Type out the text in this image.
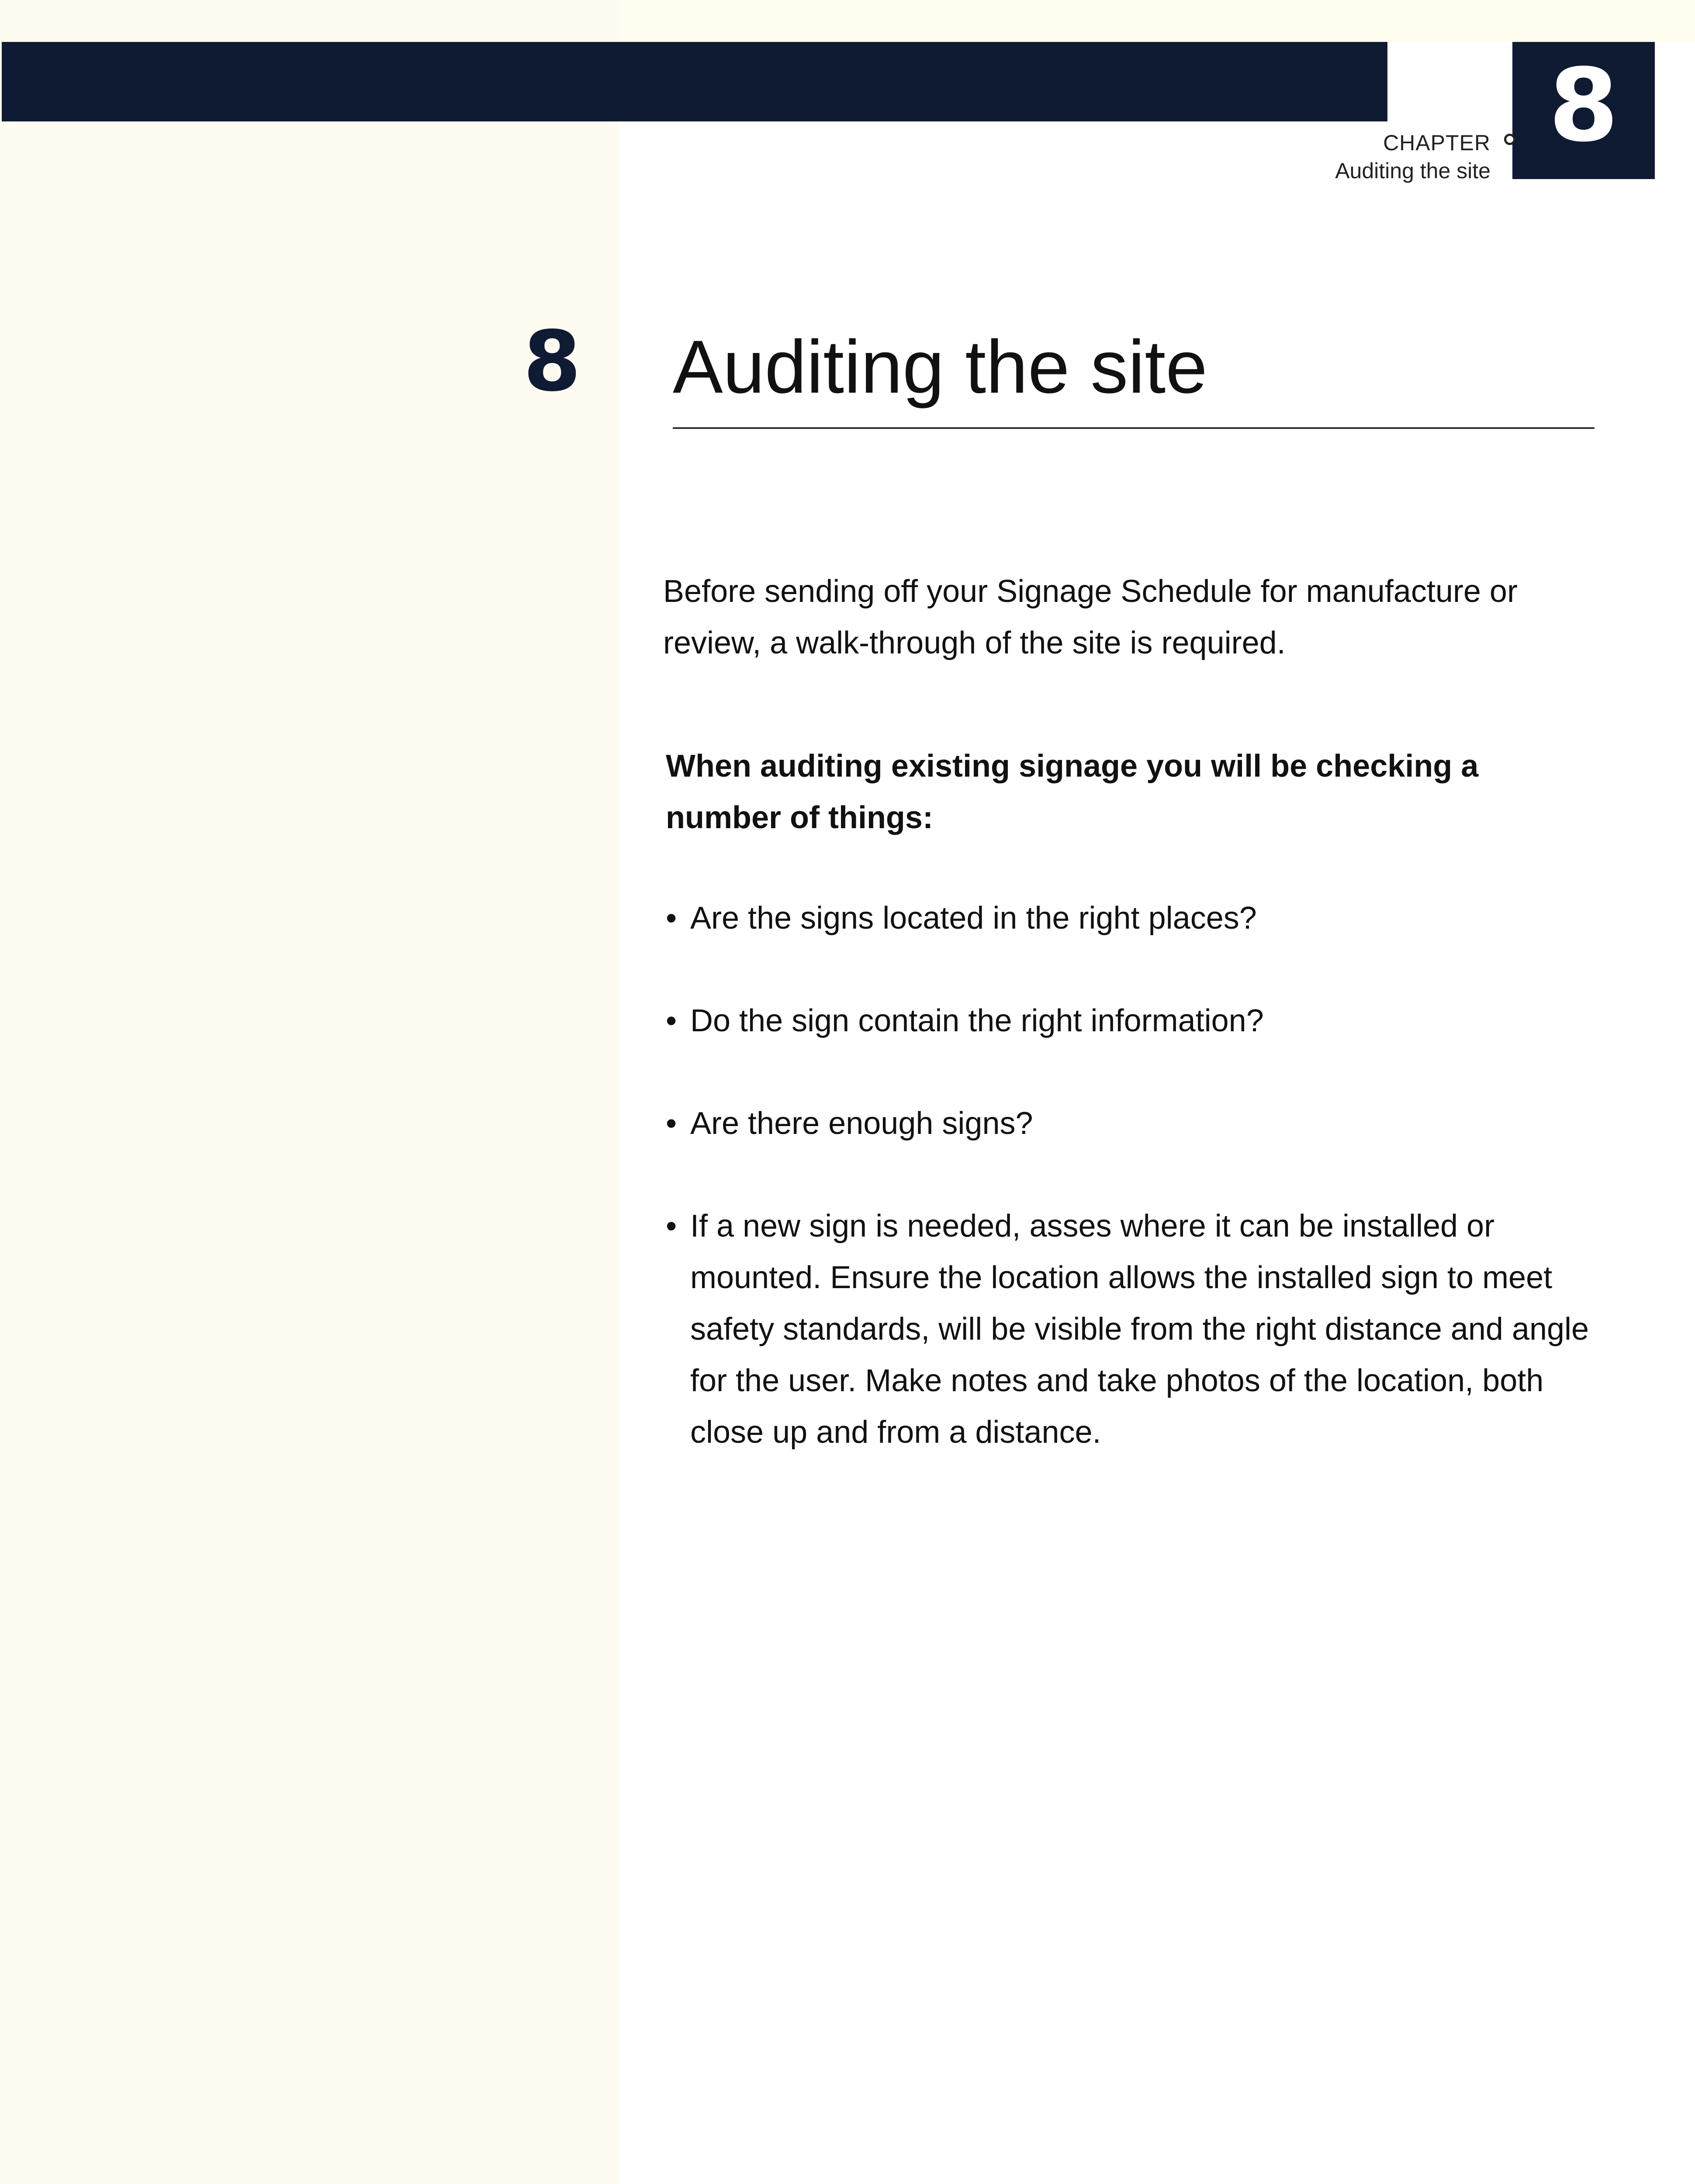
8
CHAPTER
Auditing the site
8 Auditing the site

Before sending off your Signage Schedule for manufacture or review, a walk-through of the site is required.

When auditing existing signage you will be checking a number of things:

• Are the signs located in the right places?
• Do the sign contain the right information?
• Are there enough signs?
• If a new sign is needed, asses where it can be installed or mounted. Ensure the location allows the installed sign to meet safety standards, will be visible from the right distance and angle for the user. Make notes and take photos of the location, both close up and from a distance.
